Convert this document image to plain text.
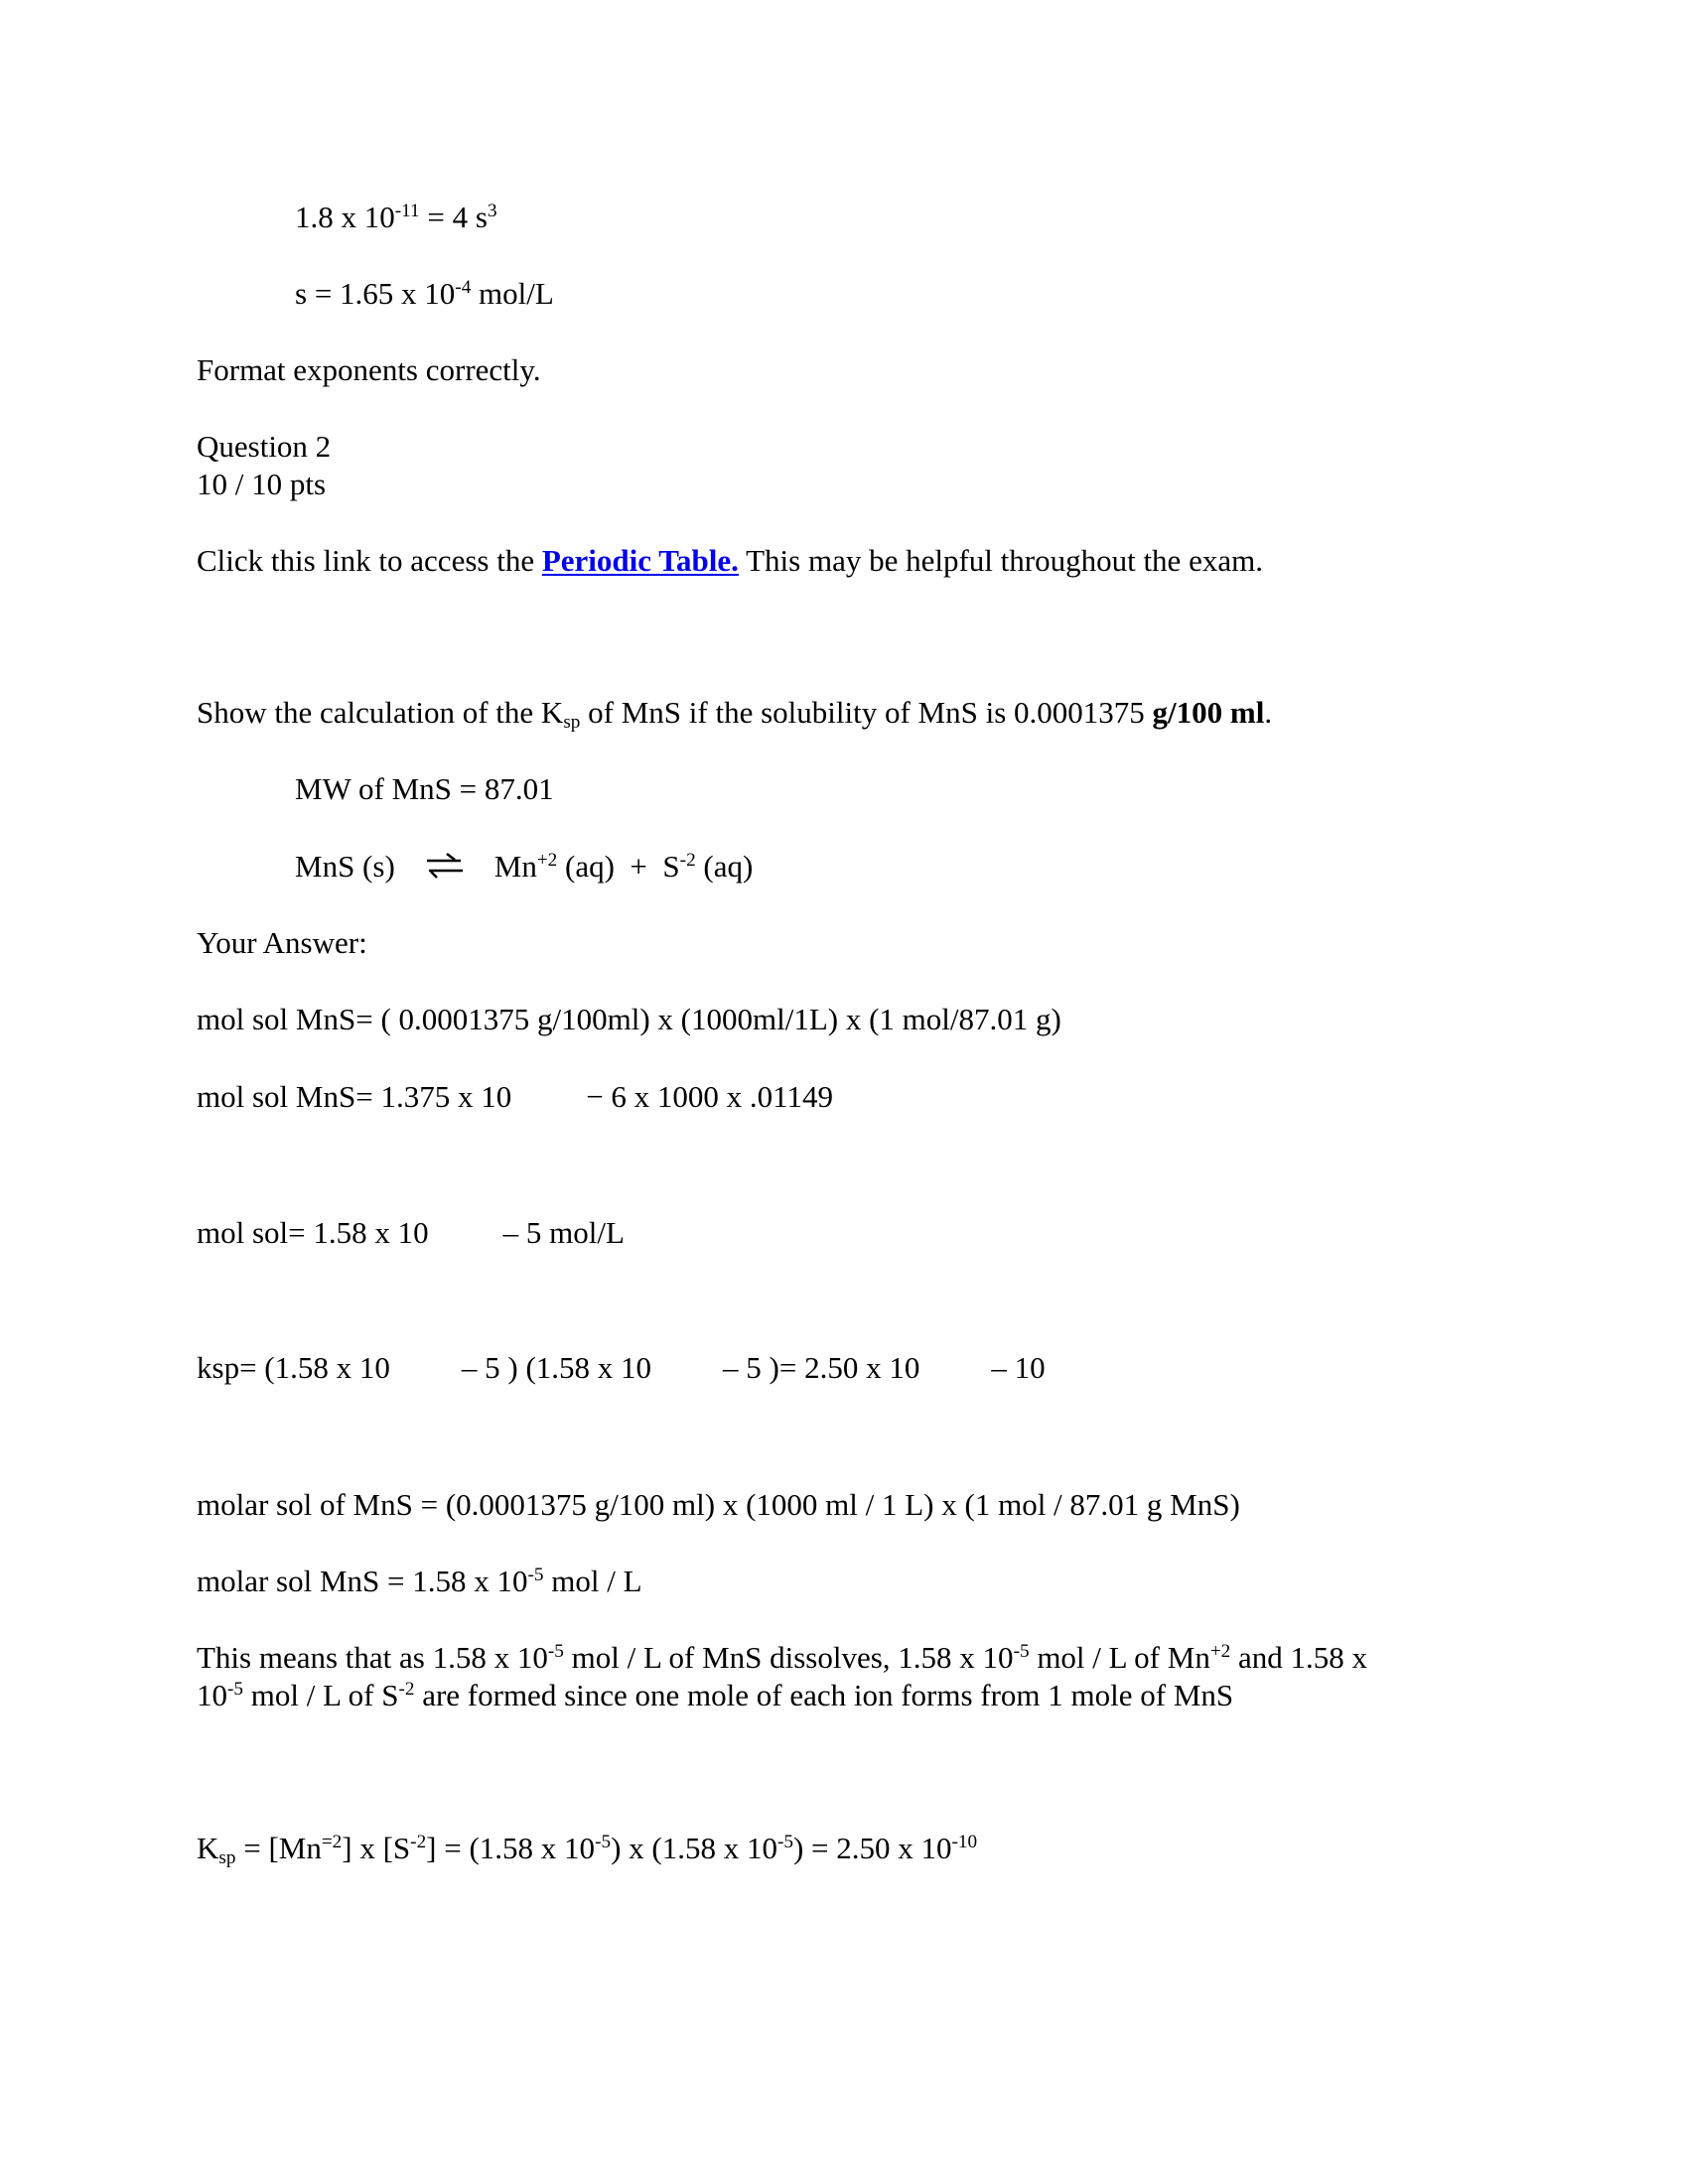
1.8 x $10^{-11} = 4$ $s^3$
s = 1.65 x $10^{-4}$ mol/L
Format exponents correctly.
Question 2
10 / 10 pts
Click this link to access the Periodic Table. This may be helpful throughout the exam.
Show the calculation of the $K_{sp}$ of MnS if the solubility of MnS is 0.0001375 g/100 ml.
MW of MnS = 87.01
MnS (s) ⇌ $Mn^{+2}$ $(aq) + S^{-2}$ (aq)
Your Answer:
mol sol MnS= ( 0.0001375 g/100ml) x (1000ml/1L) x (1 mol/87.01 g)
mol sol MnS= 1.375 x 10 − 6 x 1000 x .01149
mol sol= 1.58 x 10 – 5 mol/L
ksp= (1.58 x 10 – 5 ) (1.58 x 10 – 5 )= 2.50 x 10 – 10
molar sol of MnS = (0.0001375 g/100 ml) x (1000 ml / 1 L) x (1 mol / 87.01 g MnS)
molar sol MnS = 1.58 x $10^{-5}$ mol / L
This means that as 1.58 x $10^{-5}$ mol / L of MnS dissolves, 1.58 x $10^{-5}$ mol / L of $Mn^{+2}$ and 1.58 x
$10^{-5}$ mol / L of $S^{-2}$ are formed since one mole of each ion forms from 1 mole of MnS
$K_{sp} = [Mn^{=2}]$ x $[S^{-2}] = (1.58$ x $10^{-5}$) x (1.58 x $10^{-5}) = 2.50$ x $10^{-10}$
